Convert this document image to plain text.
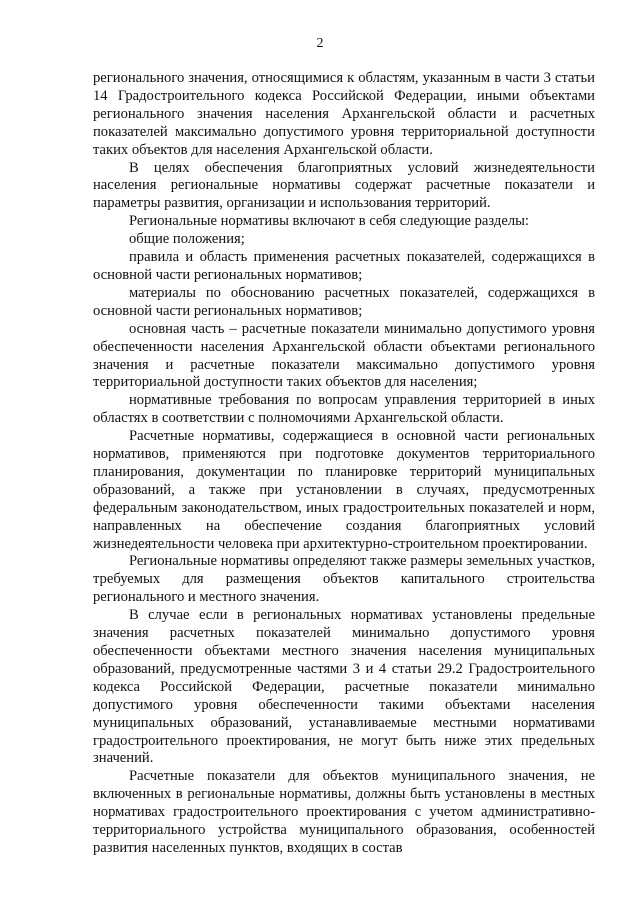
2

регионального значения, относящимися к областям, указанным в части 3 статьи 14 Градостроительного кодекса Российской Федерации, иными объектами регионального значения населения Архангельской области и расчетных показателей максимально допустимого уровня территориальной доступности таких объектов для населения Архангельской области.

В целях обеспечения благоприятных условий жизнедеятельности населения региональные нормативы содержат расчетные показатели и параметры развития, организации и использования территорий.

Региональные нормативы включают в себя следующие разделы:

общие положения;

правила и область применения расчетных показателей, содержащихся в основной части региональных нормативов;

материалы по обоснованию расчетных показателей, содержащихся в основной части региональных нормативов;

основная часть – расчетные показатели минимально допустимого уровня обеспеченности населения Архангельской области объектами регионального значения и расчетные показатели максимально допустимого уровня территориальной доступности таких объектов для населения;

нормативные требования по вопросам управления территорией в иных областях в соответствии с полномочиями Архангельской области.

Расчетные нормативы, содержащиеся в основной части региональных нормативов, применяются при подготовке документов территориального планирования, документации по планировке территорий муниципальных образований, а также при установлении в случаях, предусмотренных федеральным законодательством, иных градостроительных показателей и норм, направленных на обеспечение создания благоприятных условий жизнедеятельности человека при архитектурно-строительном проектировании.

Региональные нормативы определяют также размеры земельных участков, требуемых для размещения объектов капитального строительства регионального и местного значения.

В случае если в региональных нормативах установлены предельные значения расчетных показателей минимально допустимого уровня обеспеченности объектами местного значения населения муниципальных образований, предусмотренные частями 3 и 4 статьи 29.2 Градостроительного кодекса Российской Федерации, расчетные показатели минимально допустимого уровня обеспеченности такими объектами населения муниципальных образований, устанавливаемые местными нормативами градостроительного проектирования, не могут быть ниже этих предельных значений.

Расчетные показатели для объектов муниципального значения, не включенных в региональные нормативы, должны быть установлены в местных нормативах градостроительного проектирования с учетом административно-территориального устройства муниципального образования, особенностей развития населенных пунктов, входящих в состав
